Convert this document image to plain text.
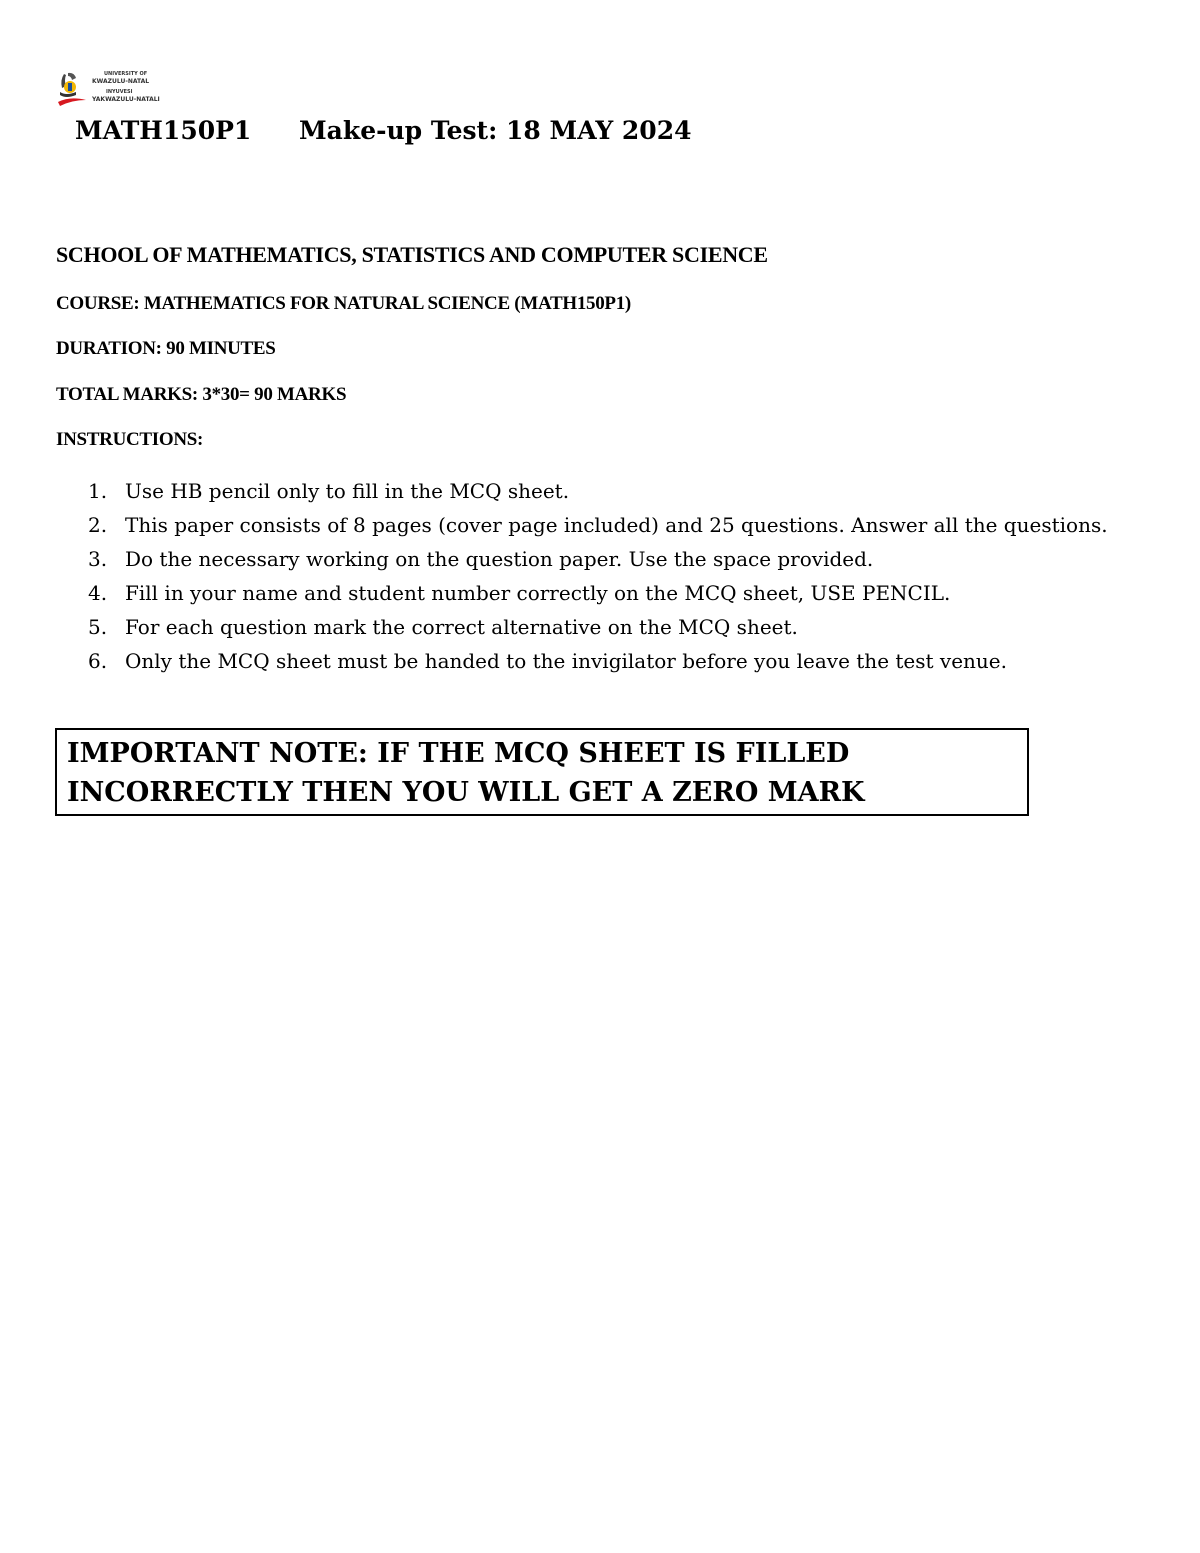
UNIVERSITY OF
KWAZULU-NATAL
INYUVESI
YAKWAZULU-NATALI
MATH150P1 Make-up Test: 18 MAY 2024
SCHOOL OF MATHEMATICS, STATISTICS AND COMPUTER SCIENCE
COURSE: MATHEMATICS FOR NATURAL SCIENCE (MATH150P1)
DURATION: 90 MINUTES
TOTAL MARKS: 3*30= 90 MARKS
INSTRUCTIONS:
1. Use HB pencil only to fill in the MCQ sheet.
2. This paper consists of 8 pages (cover page included) and 25 questions. Answer all the questions.
3. Do the necessary working on the question paper. Use the space provided.
4. Fill in your name and student number correctly on the MCQ sheet, USE PENCIL.
5. For each question mark the correct alternative on the MCQ sheet.
6. Only the MCQ sheet must be handed to the invigilator before you leave the test venue.
IMPORTANT NOTE: IF THE MCQ SHEET IS FILLED
INCORRECTLY THEN YOU WILL GET A ZERO MARK
